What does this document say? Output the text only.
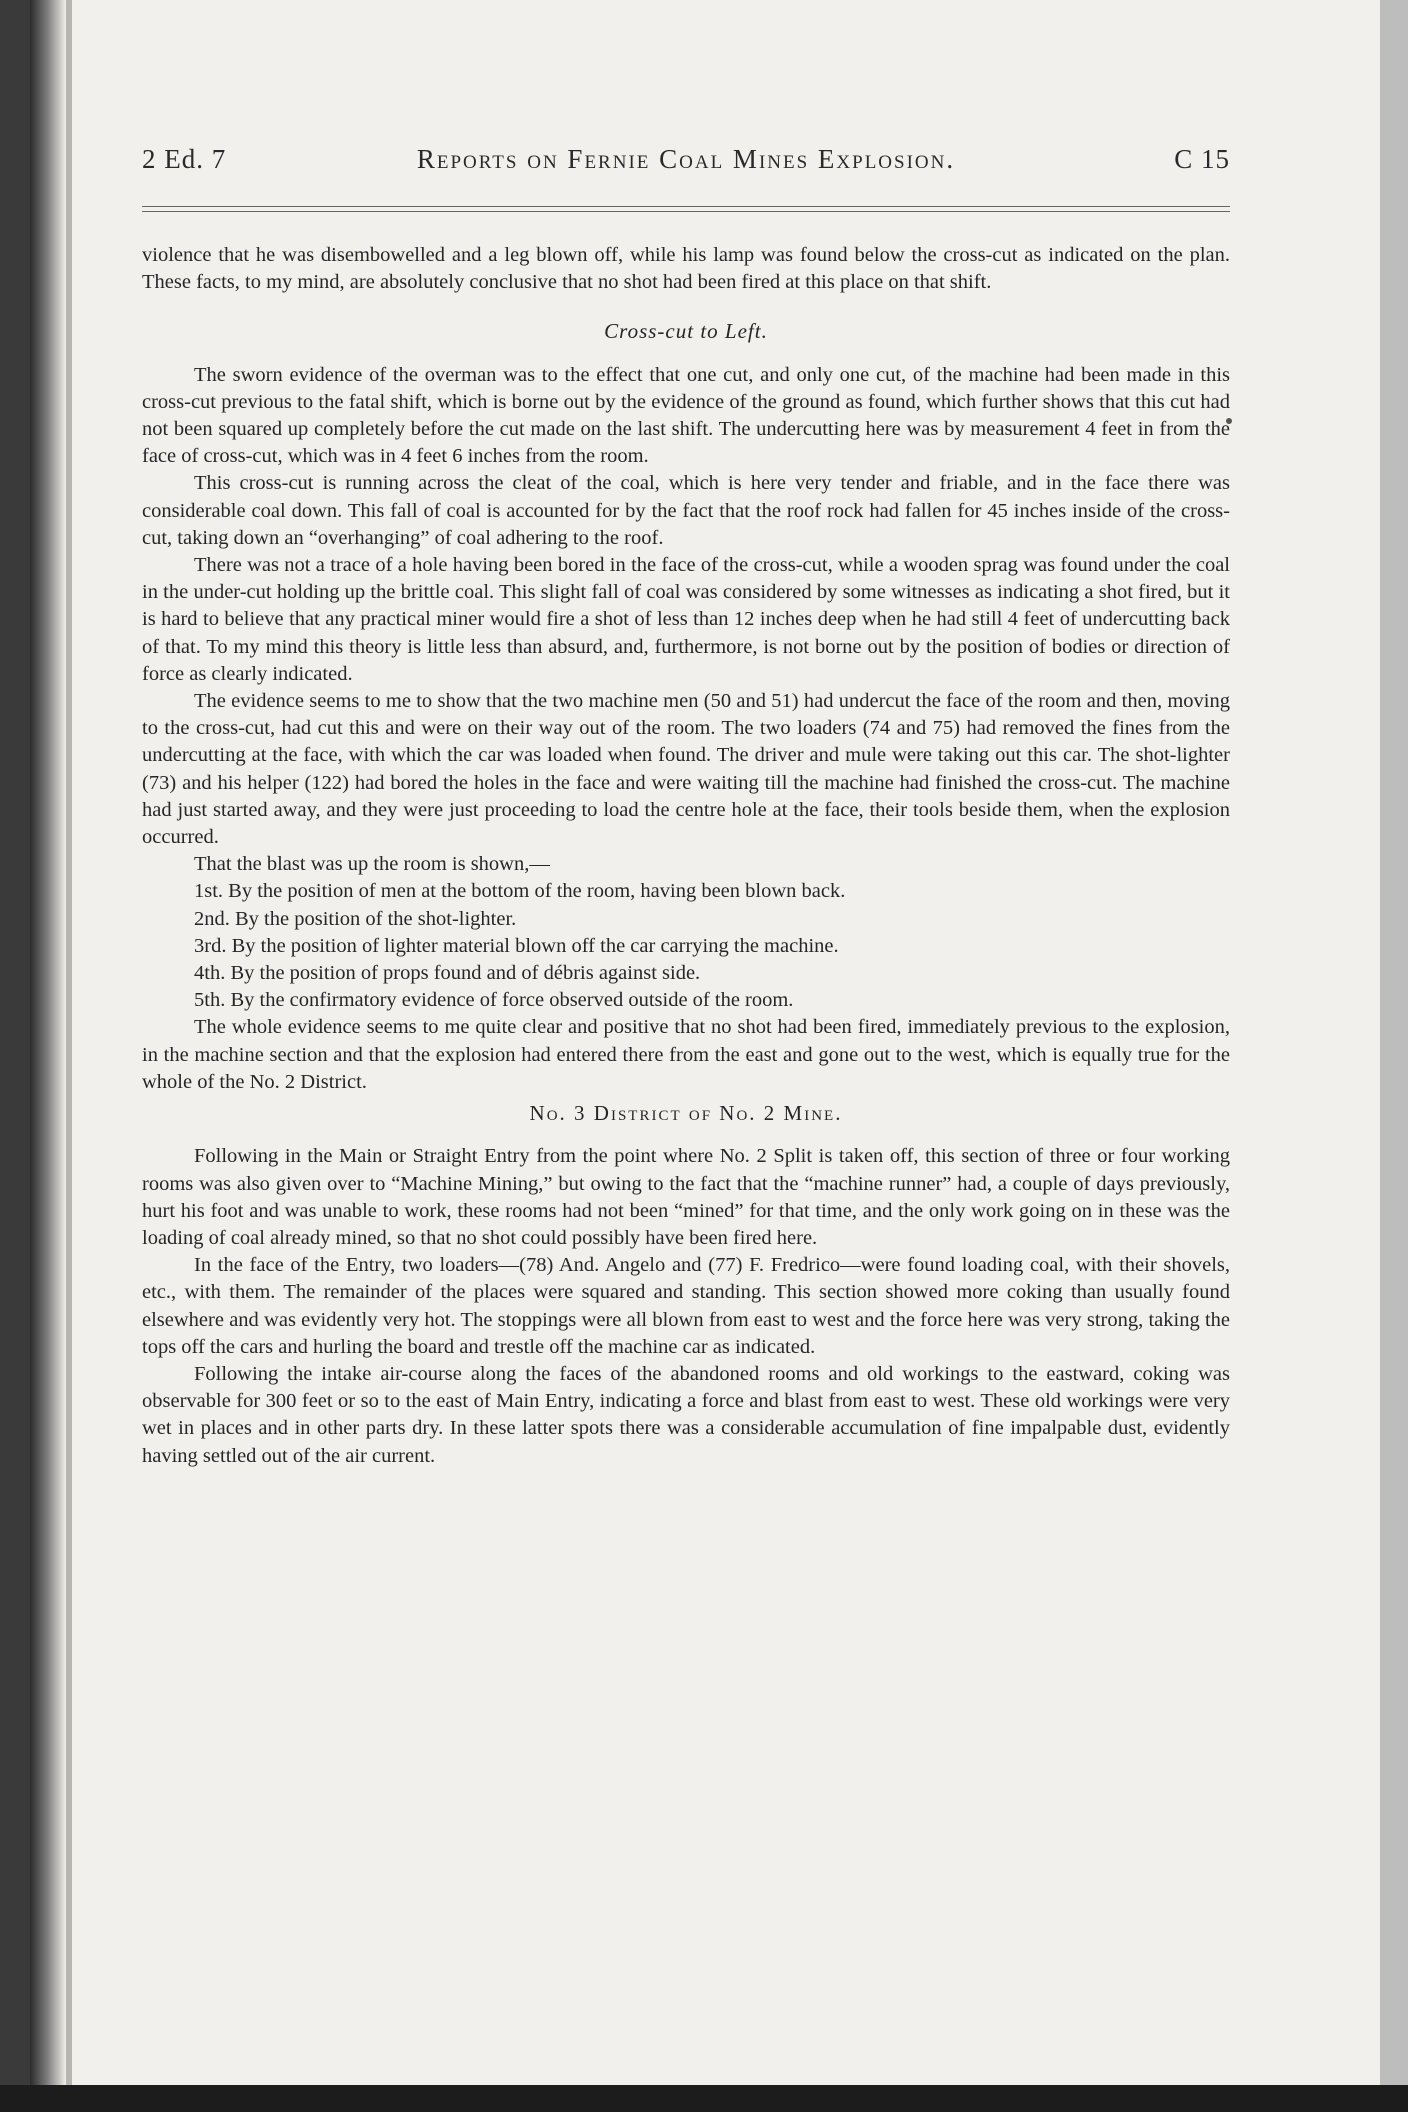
2 Ed. 7	Reports on Fernie Coal Mines Explosion.	C 15

violence that he was disembowelled and a leg blown off, while his lamp was found below the cross-cut as indicated on the plan. These facts, to my mind, are absolutely conclusive that no shot had been fired at this place on that shift.

Cross-cut to Left.

The sworn evidence of the overman was to the effect that one cut, and only one cut, of the machine had been made in this cross-cut previous to the fatal shift, which is borne out by the evidence of the ground as found, which further shows that this cut had not been squared up completely before the cut made on the last shift. The undercutting here was by measurement 4 feet in from the face of cross-cut, which was in 4 feet 6 inches from the room.

This cross-cut is running across the cleat of the coal, which is here very tender and friable, and in the face there was considerable coal down. This fall of coal is accounted for by the fact that the roof rock had fallen for 45 inches inside of the cross-cut, taking down an “overhanging” of coal adhering to the roof.

There was not a trace of a hole having been bored in the face of the cross-cut, while a wooden sprag was found under the coal in the under-cut holding up the brittle coal. This slight fall of coal was considered by some witnesses as indicating a shot fired, but it is hard to believe that any practical miner would fire a shot of less than 12 inches deep when he had still 4 feet of undercutting back of that. To my mind this theory is little less than absurd, and, furthermore, is not borne out by the position of bodies or direction of force as clearly indicated.

The evidence seems to me to show that the two machine men (50 and 51) had undercut the face of the room and then, moving to the cross-cut, had cut this and were on their way out of the room. The two loaders (74 and 75) had removed the fines from the undercutting at the face, with which the car was loaded when found. The driver and mule were taking out this car. The shot-lighter (73) and his helper (122) had bored the holes in the face and were waiting till the machine had finished the cross-cut. The machine had just started away, and they were just proceeding to load the centre hole at the face, their tools beside them, when the explosion occurred.

That the blast was up the room is shown,—

1st. By the position of men at the bottom of the room, having been blown back.
2nd. By the position of the shot-lighter.
3rd. By the position of lighter material blown off the car carrying the machine.
4th. By the position of props found and of débris against side.
5th. By the confirmatory evidence of force observed outside of the room.

The whole evidence seems to me quite clear and positive that no shot had been fired, immediately previous to the explosion, in the machine section and that the explosion had entered there from the east and gone out to the west, which is equally true for the whole of the No. 2 District.

No. 3 District of No. 2 Mine.

Following in the Main or Straight Entry from the point where No. 2 Split is taken off, this section of three or four working rooms was also given over to “Machine Mining,” but owing to the fact that the “machine runner” had, a couple of days previously, hurt his foot and was unable to work, these rooms had not been “mined” for that time, and the only work going on in these was the loading of coal already mined, so that no shot could possibly have been fired here.

In the face of the Entry, two loaders—(78) And. Angelo and (77) F. Fredrico—were found loading coal, with their shovels, etc., with them. The remainder of the places were squared and standing. This section showed more coking than usually found elsewhere and was evidently very hot. The stoppings were all blown from east to west and the force here was very strong, taking the tops off the cars and hurling the board and trestle off the machine car as indicated.

Following the intake air-course along the faces of the abandoned rooms and old workings to the eastward, coking was observable for 300 feet or so to the east of Main Entry, indicating a force and blast from east to west. These old workings were very wet in places and in other parts dry. In these latter spots there was a considerable accumulation of fine impalpable dust, evidently having settled out of the air current.
